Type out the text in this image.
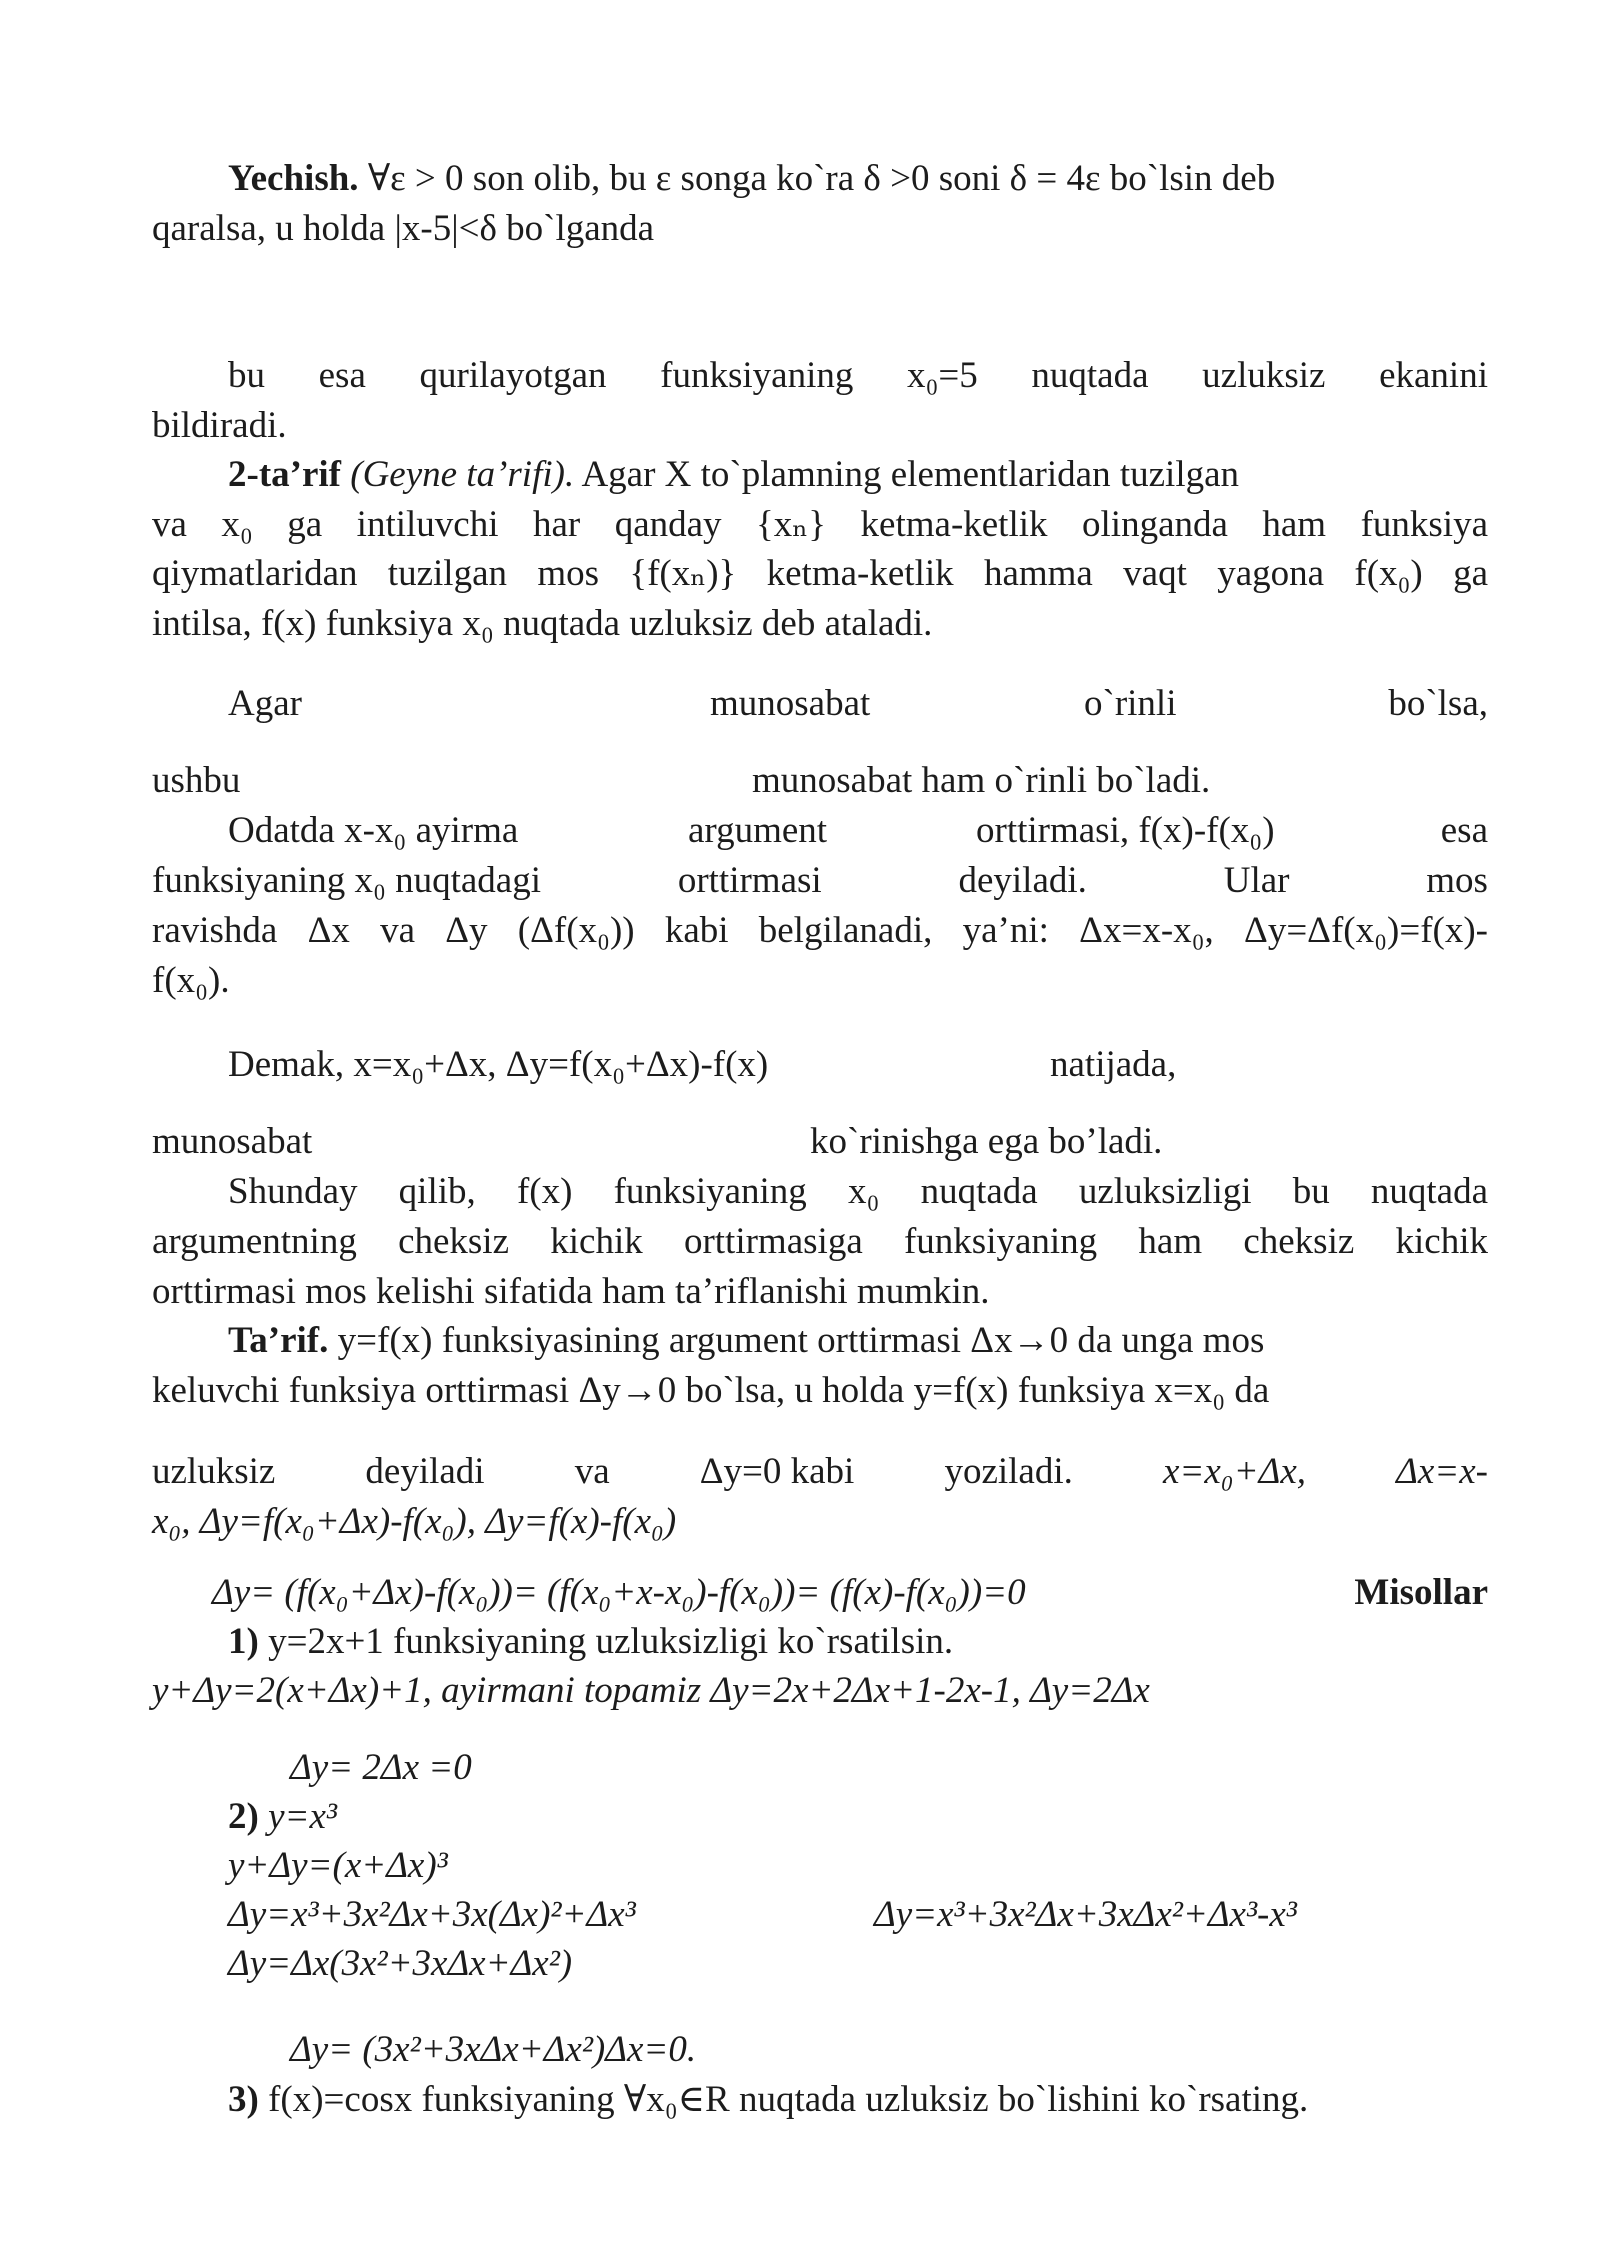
Yechish. ∀ε > 0 son olib, bu ε songa ko`ra δ >0 soni δ = 4ε bo`lsin deb
qaralsa, u holda |x-5|<δ bo`lganda
bu esa qurilayotgan funksiyaning x₀=5 nuqtada uzluksiz ekanini
bildiradi.
2-ta’rif (Geyne ta’rifi). Agar X to`plamning elementlaridan tuzilgan
va x₀ ga intiluvchi har qanday {xₙ} ketma-ketlik olinganda ham funksiya
qiymatlaridan tuzilgan mos {f(xₙ)} ketma-ketlik hamma vaqt yagona f(x₀) ga
intilsa, f(x) funksiya x₀ nuqtada uzluksiz deb ataladi.
Agar	munosabat	o`rinli	bo`lsa,
ushbu	munosabat ham o`rinli bo`ladi.
Odatda x-x₀ ayirma	argument	orttirmasi, f(x)-f(x₀)	esa
funksiyaning x₀ nuqtadagi	orttirmasi	deyiladi.	Ular	mos
ravishda Δx va Δy (Δf(x₀)) kabi belgilanadi, ya’ni: Δx=x-x₀, Δy=Δf(x₀)=f(x)-
f(x₀).
Demak, x=x₀+Δx, Δy=f(x₀+Δx)-f(x)	natijada,
munosabat	ko`rinishga ega bo’ladi.
Shunday qilib, f(x) funksiyaning x₀ nuqtada uzluksizligi bu nuqtada
argumentning cheksiz kichik orttirmasiga funksiyaning ham cheksiz kichik
orttirmasi mos kelishi sifatida ham ta’riflanishi mumkin.
Ta’rif. y=f(x) funksiyasining argument orttirmasi Δx→0 da unga mos
keluvchi funksiya orttirmasi Δy→0 bo`lsa, u holda y=f(x) funksiya x=x₀ da
uzluksiz deyiladi va Δy=0 kabi yoziladi. x=x₀+Δx, Δx=x-
x₀, Δy=f(x₀+Δx)-f(x₀), Δy=f(x)-f(x₀)
Δy= (f(x₀+Δx)-f(x₀))= (f(x₀+x-x₀)-f(x₀))= (f(x)-f(x₀))=0	Misollar
1) y=2x+1 funksiyaning uzluksizligi ko`rsatilsin.
y+Δy=2(x+Δx)+1, ayirmani topamiz Δy=2x+2Δx+1-2x-1, Δy=2Δx
Δy= 2Δx =0
2) y=x³
y+Δy=(x+Δx)³
Δy=x³+3x²Δx+3x(Δx)²+Δx³	Δy=x³+3x²Δx+3xΔx²+Δx³-x³
Δy=Δx(3x²+3xΔx+Δx²)
Δy= (3x²+3xΔx+Δx²)Δx=0.
3) f(x)=cosx funksiyaning ∀x₀∈R nuqtada uzluksiz bo`lishini ko`rsating.
